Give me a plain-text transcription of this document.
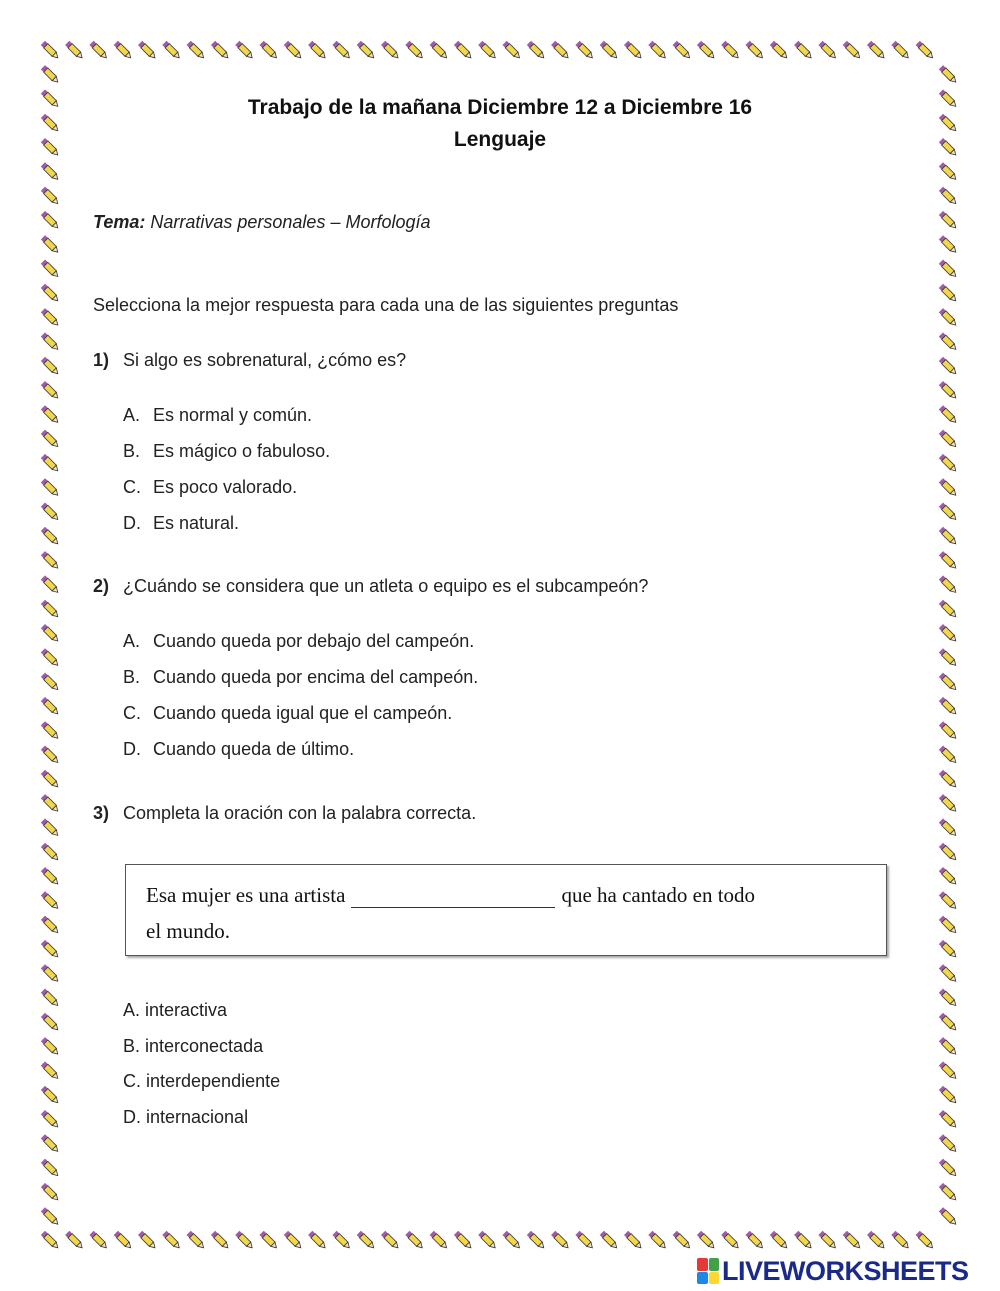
Trabajo de la mañana Diciembre 12 a Diciembre 16
Lenguaje
Tema: Narrativas personales – Morfología
Selecciona la mejor respuesta para cada una de las siguientes preguntas
1) Si algo es sobrenatural, ¿cómo es?
A. Es normal y común.
B. Es mágico o fabuloso.
C. Es poco valorado.
D. Es natural.
2) ¿Cuándo se considera que un atleta o equipo es el subcampeón?
A. Cuando queda por debajo del campeón.
B. Cuando queda por encima del campeón.
C. Cuando queda igual que el campeón.
D. Cuando queda de último.
3) Completa la oración con la palabra correcta.
Esa mujer es una artista	que ha cantado en todo
el mundo.
A. interactiva
B. interconectada
C. interdependiente
D. internacional
LIVEWORKSHEETS
